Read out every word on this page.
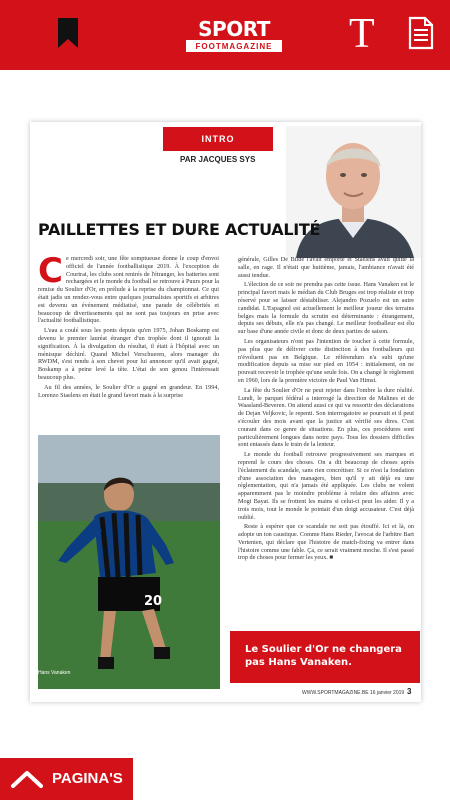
SPORT
FOOTMAGAZINE T
INTRO
PAR JACQUES SYS
PAILLETTES ET DURE ACTUALITÉ
C e mercredi soir, une fête somptueuse donne le coup d'envoi officiel de l'année footballistique 2019. À l'exception de Courtrai, les clubs sont rentrés de l'étranger, les batteries sont rechargées et le monde du football se retrouve à Puurs pour la remise du Soulier d'Or, en prélude à la reprise du championnat. Ce qui était jadis un rendez-vous entre quelques journalistes sportifs et arbitres est devenu un événement médiatisé, une parade de célébrités et beaucoup de divertissements qui ne sont pas toujours en prise avec l'actualité footballistique.

L'eau a coulé sous les ponts depuis qu'en 1975, Johan Boskamp est devenu le premier lauréat étranger d'un trophée dont il ignorait la signification. À la divulgation du résultat, il était à l'hôpital avec un ménisque déchiré. Quand Michel Verschueren, alors manager du RWDM, s'est rendu à son chevet pour lui annoncer qu'il avait gagné, Boskamp a à peine levé la tête. L'état de son genou l'intéressait beaucoup plus.

Au fil des années, le Soulier d'Or a gagné en grandeur. En 1994, Lorenzo Staelens en était le grand favori mais à la surprise

générale, Gilles De Bilde l'avait emporté et Staelens avait quitté la salle, en rage. Il n'était que huitième, jamais, l'ambiance n'avait été aussi tendue.

L'élection de ce soir ne prendra pas cette issue. Hans Vanaken est le principal favori mais le médian du Club Bruges est trop réaliste et trop réservé pour se laisser déstabiliser. Alejandro Pozuelo est un autre candidat. L'Espagnol est actuellement le meilleur joueur des terrains belges mais la formule du scrutin est déterminante : étrangement, depuis ses débuts, elle n'a pas changé. Le meilleur footballeur est élu sur base d'une année civile et donc de deux parties de saison.

Les organisateurs n'ont pas l'intention de toucher à cette formule, pas plus que de délivrer cette distinction à des footballeurs qui n'évoluent pas en Belgique. Le référendum n'a subi qu'une modification depuis sa mise sur pied en 1954 : initialement, on ne pouvait recevoir le trophée qu'une seule fois. On a changé le règlement en 1960, lors de la première victoire de Paul Van Himst.

La fête du Soulier d'Or ne peut rejeter dans l'ombre la dure réalité. Lundi, le parquet fédéral a interrogé la direction de Malines et de Waasland-Beveren. On attend aussi ce qui va ressortir des déclarations de Dejan Veljkovic, le repenti. Son interrogatoire se poursuit et il peut s'écouler des mois avant que la justice ait vérifié ses dires. C'est courant dans ce genre de situations. En plus, ces procédures sont particulièrement longues dans notre pays. Tous les dossiers difficiles sont entassés dans le train de la lenteur.

Le monde du football retrouve progressivement ses marques et reprend le cours des choses. On a dit beaucoup de choses après l'éclatement du scandale, sans rien concrétiser. Si ce n'est la fondation d'une association des managers, bien qu'il y ait déjà eu une réglementation, qui n'a jamais été appliquée. Les clubs ne volent apparemment pas le moindre problème à refaire des affaires avec Mogi Bayat. Ils se frottent les mains si celui-ci peut les aider. Il y a trois mois, tout le monde le pointait d'un doigt accusateur. C'est déjà oublié.

Reste à espérer que ce scandale ne soit pas étouffé. Ici et là, on adopte un ton caustique. Comme Hans Rieder, l'avocat de l'arbitre Bart Vertenten, qui déclare que l'histoire de match-fixing va entrer dans l'histoire comme une fable. Ça, ce serait vraiment moche. Il s'est passé trop de choses pour fermer les yeux. ■

20
Hans Vanaken
Le Soulier d'Or ne changera pas Hans Vanaken.
WWW.SPORTMAGAZINE.BE 16 janvier 2019 3
PAGINA'S
